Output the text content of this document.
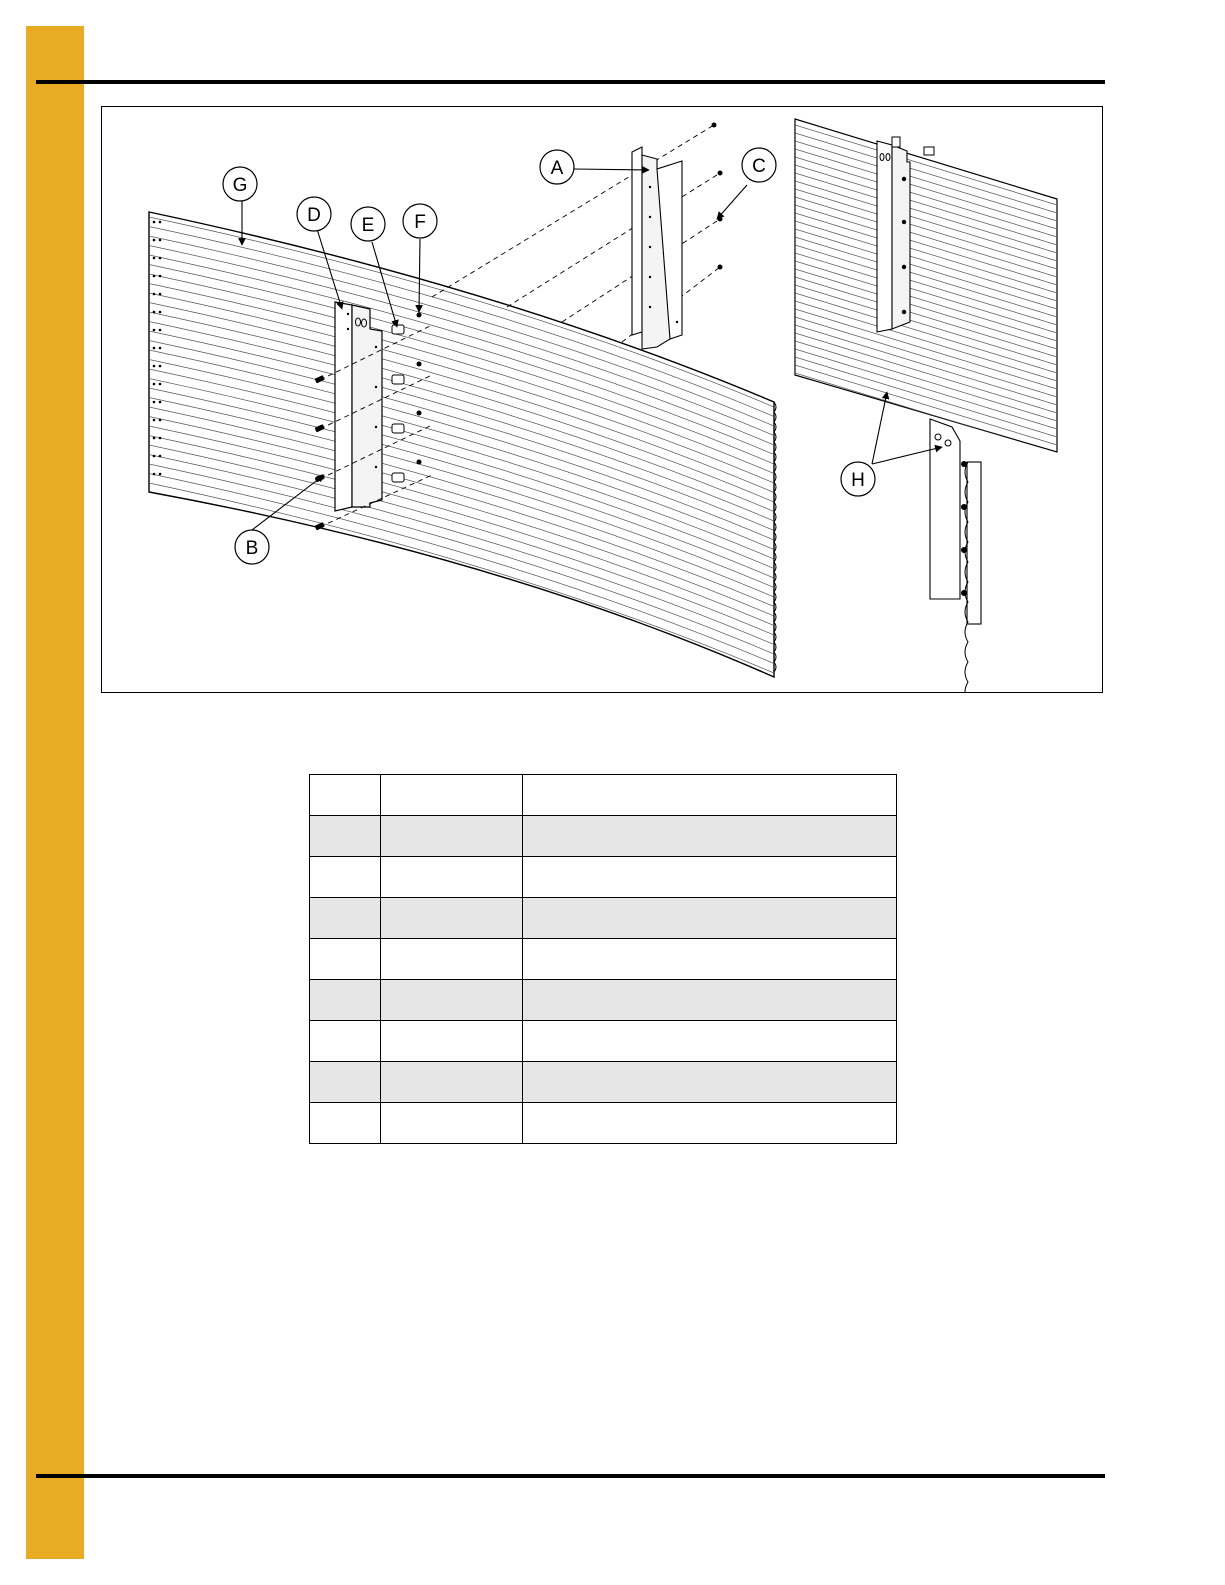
A
B
C
D E F
G
H
